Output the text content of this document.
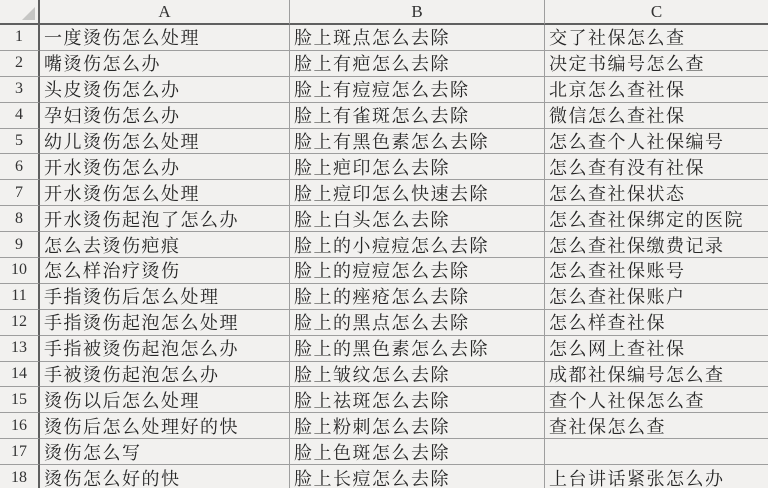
A	B	C
1	一度烫伤怎么处理	脸上斑点怎么去除	交了社保怎么查
2	嘴烫伤怎么办	脸上有疤怎么去除	决定书编号怎么查
3	头皮烫伤怎么办	脸上有痘痘怎么去除	北京怎么查社保
4	孕妇烫伤怎么办	脸上有雀斑怎么去除	微信怎么查社保
5	幼儿烫伤怎么处理	脸上有黑色素怎么去除	怎么查个人社保编号
6	开水烫伤怎么办	脸上疤印怎么去除	怎么查有没有社保
7	开水烫伤怎么处理	脸上痘印怎么快速去除	怎么查社保状态
8	开水烫伤起泡了怎么办	脸上白头怎么去除	怎么查社保绑定的医院
9	怎么去烫伤疤痕	脸上的小痘痘怎么去除	怎么查社保缴费记录
10 怎么样治疗烫伤	脸上的痘痘怎么去除	怎么查社保账号
11 手指烫伤后怎么处理	脸上的痤疮怎么去除	怎么查社保账户
12 手指烫伤起泡怎么处理	脸上的黑点怎么去除	怎么样查社保
13 手指被烫伤起泡怎么办	脸上的黑色素怎么去除	怎么网上查社保
14 手被烫伤起泡怎么办	脸上皱纹怎么去除	成都社保编号怎么查
15 烫伤以后怎么处理	脸上祛斑怎么去除	查个人社保怎么查
16 烫伤后怎么处理好的快	脸上粉刺怎么去除	查社保怎么查
17 烫伤怎么写	脸上色斑怎么去除
18 烫伤怎么好的快	脸上长痘怎么去除	上台讲话紧张怎么办
